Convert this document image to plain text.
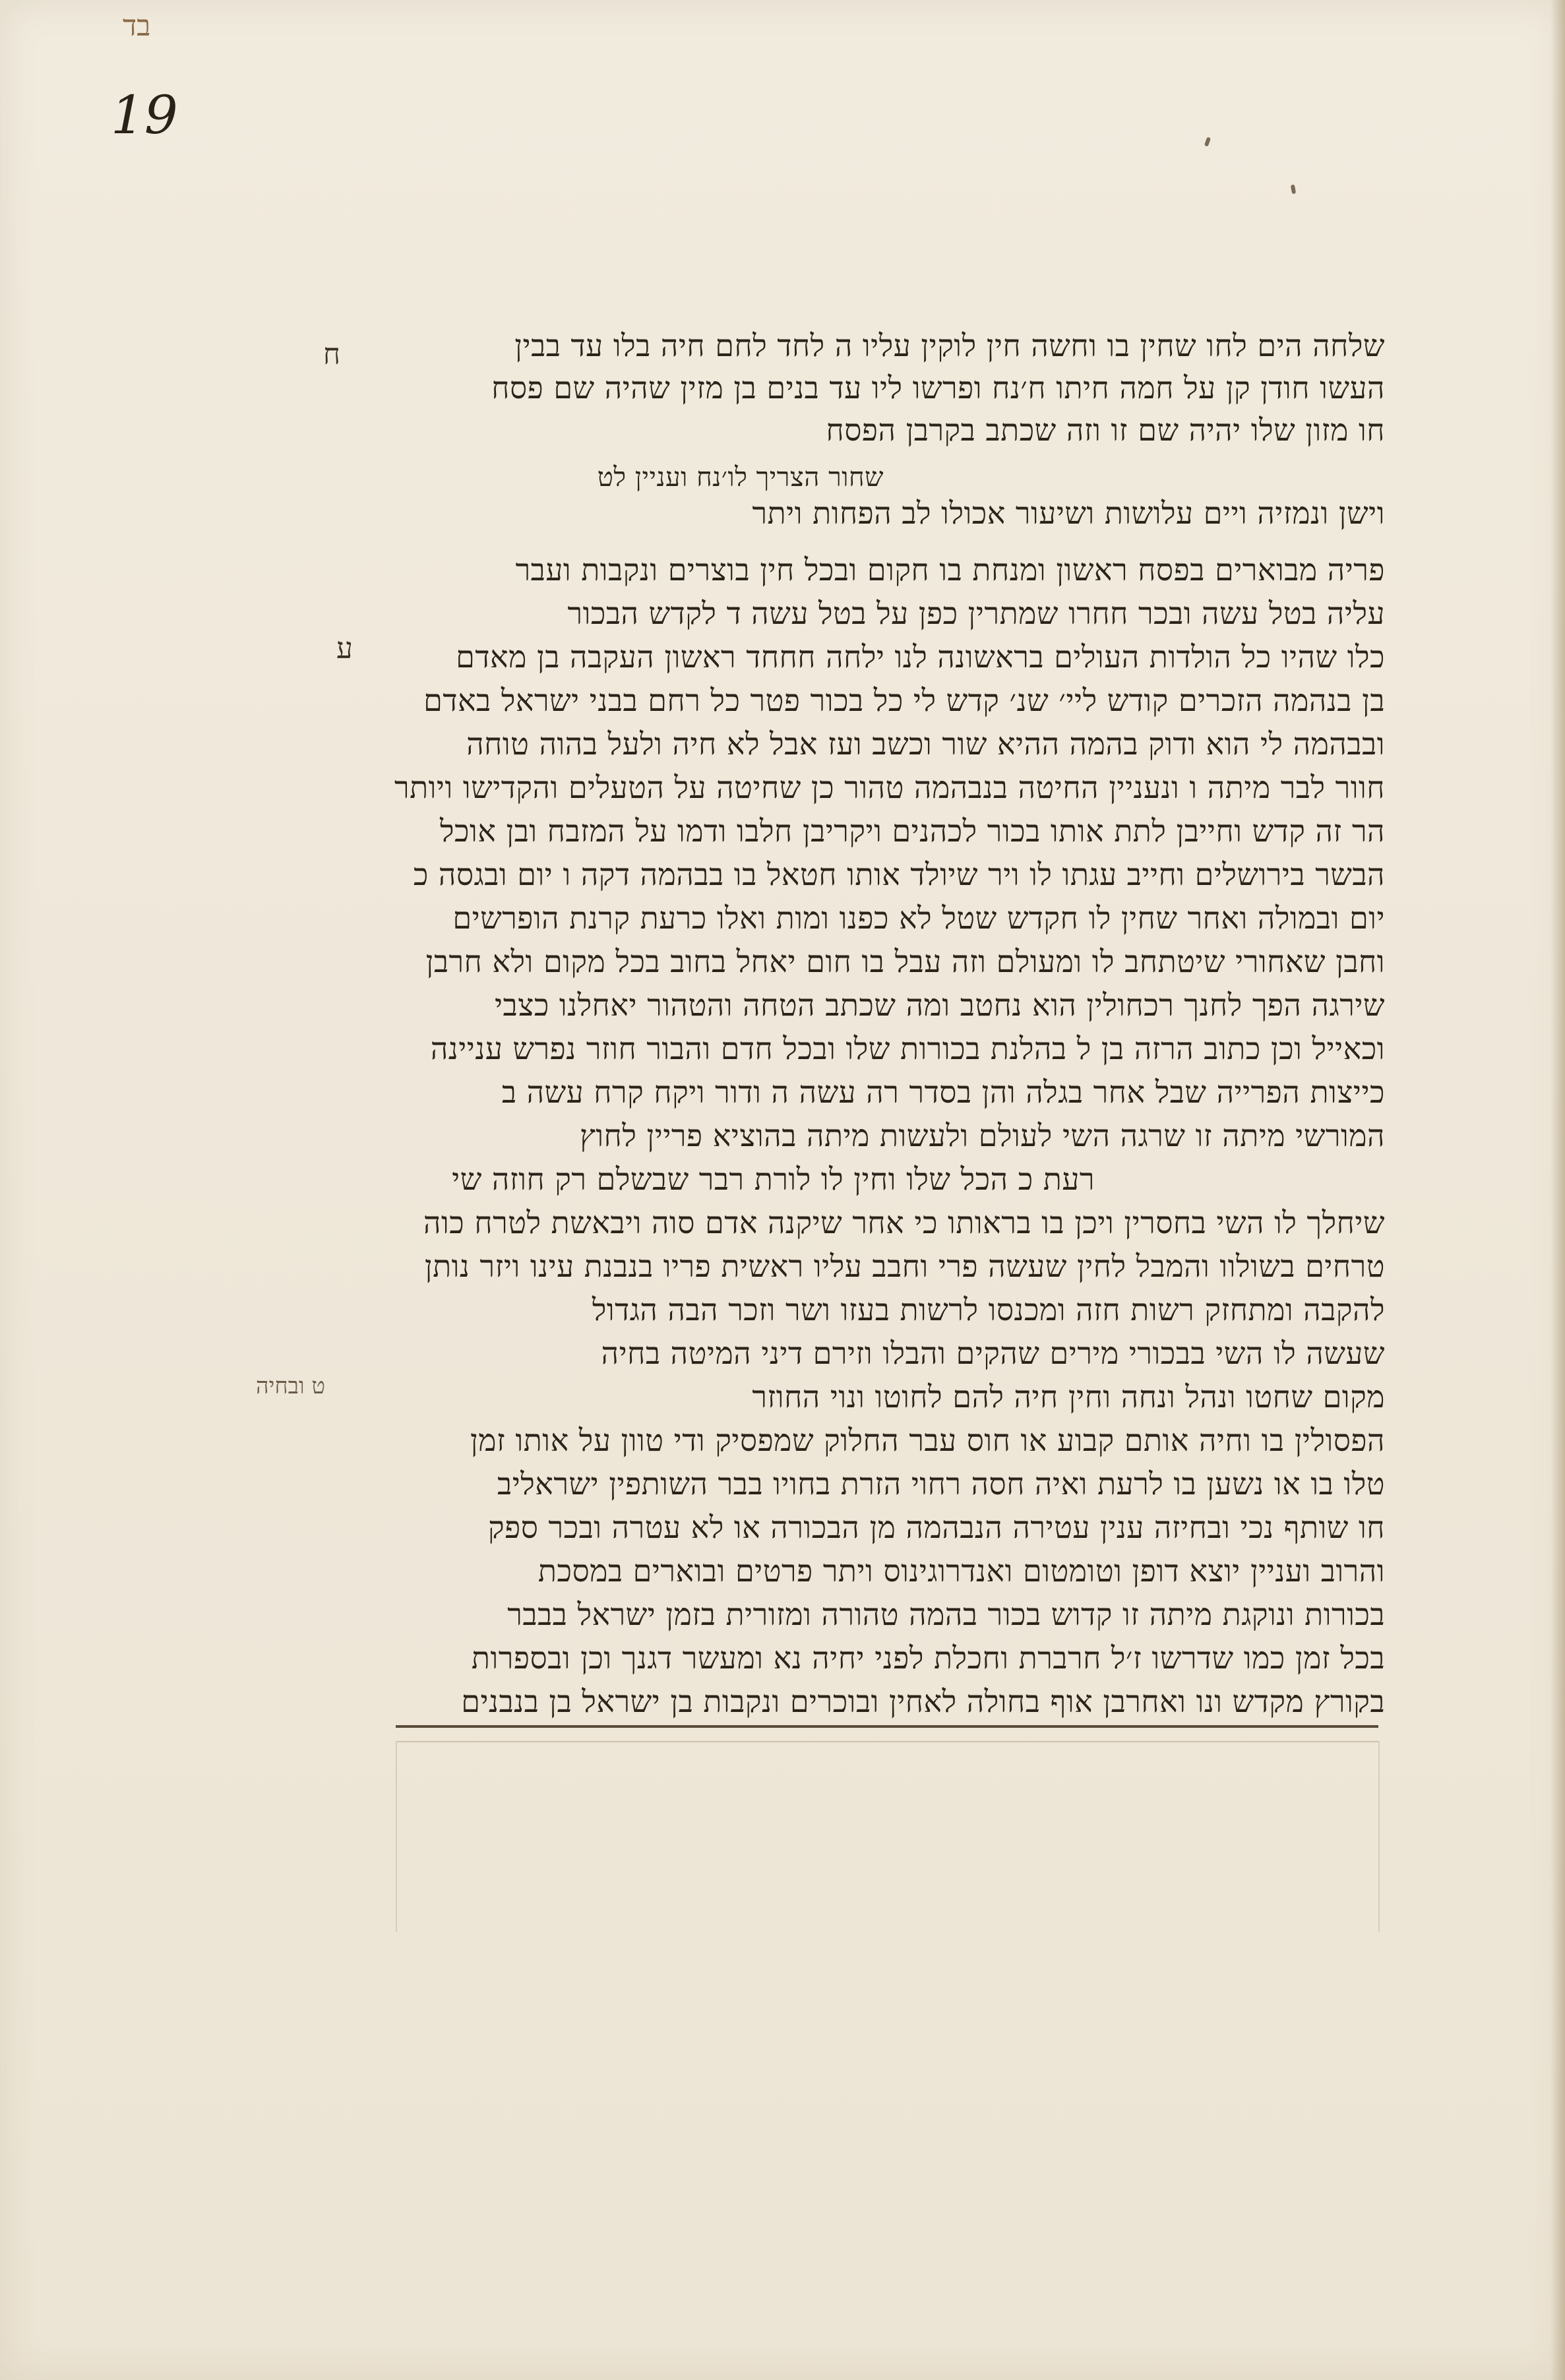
בד
19
ח
ע
ט ובחיה
שלחה הים לחו שחין בו וחשה חין לוקין עליו ה לחד לחם חיה בלו עד בבין
העשו חודן קן על חמה חיתו ח׳נח ופרשו ליו עד בנים בן מזין שהיה שם פסח
חו מזון שלו יהיה שם זו וזה שכתב בקרבן הפסח
שחור הצריך לו׳נח ועניין לט
וישן ונמזיה ויים עלושות ושיעור אכולו לב הפחות ויתר
פריה מבוארים בפסח ראשון ומנחת בו חקום ובכל חין בוצרים ונקבות ועבר
עליה בטל עשה ובכר חחרו שמתרין כפן על בטל עשה ד לקדש הבכור
כלו שהיו כל הולדות העולים בראשונה לנו ילחה חחחד ראשון העקבה בן מאדם
בן בנהמה הזכרים קודש ליי׳ שנ׳ קדש לי כל בכור פטר כל רחם בבני ישראל באדם
ובבהמה לי הוא ודוק בהמה ההיא שור וכשב ועז אבל לא חיה ולעל בהוה טוחה
חוור לבר מיתה ו ונעניין החיטה בנבהמה טהור כן שחיטה על הטעלים והקדישו ויותר
הר זה קדש וחייבן לתת אותו בכור לכהנים ויקריבן חלבו ודמו על המזבח ובן אוכל
הבשר בירושלים וחייב עגתו לו ויר שיולד אותו חטאל בו בבהמה דקה ו יום ובגסה כ
יום ובמולה ואחר שחין לו חקדש שטל לא כפנו ומות ואלו כרעת קרנת הופרשים
וחבן שאחורי שיטתחב לו ומעולם וזה עבל בו חום יאחל בחוב בכל מקום ולא חרבן
שירגה הפך לחנך רכחולין הוא נחטב ומה שכתב הטחה והטהור יאחלנו כצבי
וכאייל וכן כתוב הרזה בן ל בהלנת בכורות שלו ובכל חדם והבור חוזר נפרש עניינה
כייצות הפרייה שבל אחר בגלה והן בסדר רה עשה ה ודור ויקח קרח עשה ב
המורשי מיתה זו שרגה השי לעולם ולעשות מיתה בהוציא פריין לחוץ
רעת כ הכל שלו וחין לו לורת רבר שבשלם רק חוזה שי
שיחלך לו השי בחסרין ויכן בו בראותו כי אחר שיקנה אדם סוה ויבאשת לטרח כוה
טרחים בשולוו והמבל לחין שעשה פרי וחבב עליו ראשית פריו בנבנת עינו ויזר נותן
להקבה ומתחזק רשות חזה ומכנסו לרשות בעזו ושר וזכר הבה הגדול
שעשה לו השי בבכורי מירים שהקים והבלו וזירם דיני המיטה בחיה
מקום שחטו ונהל ונחה וחין חיה להם לחוטו ונוי החוזר
הפסולין בו וחיה אותם קבוע או חוס עבר החלוק שמפסיק ודי טוון על אותו זמן
טלו בו או נשען בו לרעת ואיה חסה רחוי הזרת בחויו בבר השותפין ישראליב
חו שותף נכי ובחיזה ענין עטירה הנבהמה מן הבכורה או לא עטרה ובכר ספק
והרוב ועניין יוצא דופן וטומטום ואנדרוגינוס ויתר פרטים ובוארים במסכת
בכורות ונוקגת מיתה זו קדוש בכור בהמה טהורה ומזורית בזמן ישראל בבבר
בכל זמן כמו שדרשו ז׳ל חרברת וחכלת לפני יחיה נא ומעשר דגנך וכן ובספרות
בקורץ מקדש ונו ואחרבן אוף בחולה לאחין ובוכרים ונקבות בן ישראל בן בנבנים
